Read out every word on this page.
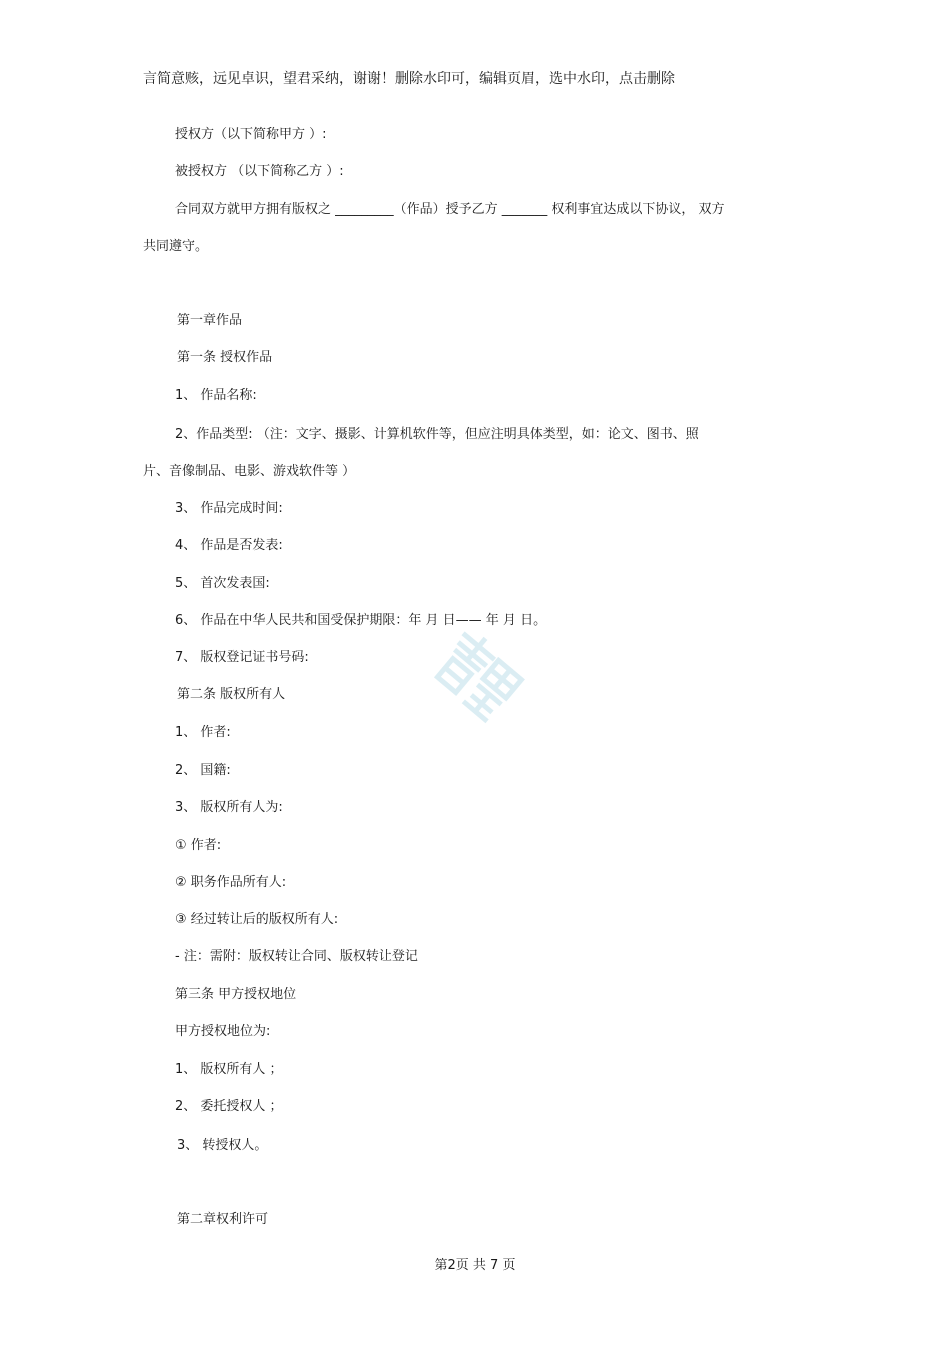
言简意赅，远见卓识，望君采纳，谢谢！删除水印可，编辑页眉，选中水印，点击删除
授权方（以下简称甲方 ）:
被授权方 （以下简称乙方 ）:
合同双方就甲方拥有版权之 _________（作品）授予乙方 _______ 权利事宜达成以下协议， 双方
共同遵守。
第一章作品
第一条 授权作品
1、 作品名称:
2、作品类型: （注：文字、摄影、计算机软件等，但应注明具体类型，如：论文、图书、照
片、音像制品、电影、游戏软件等 ）
3、 作品完成时间:
4、 作品是否发表:
5、 首次发表国:
6、 作品在中华人民共和国受保护期限：年 月 日—— 年 月 日。
7、 版权登记证书号码:
第二条 版权所有人
1、 作者:
2、 国籍:
3、 版权所有人为:
① 作者:
② 职务作品所有人:
③ 经过转让后的版权所有人:
- 注：需附：版权转让合同、版权转让登记
第三条 甲方授权地位
甲方授权地位为:
1、 版权所有人 ；
2、 委托授权人 ；
3、 转授权人。
第二章权利许可
第2页 共 7 页
